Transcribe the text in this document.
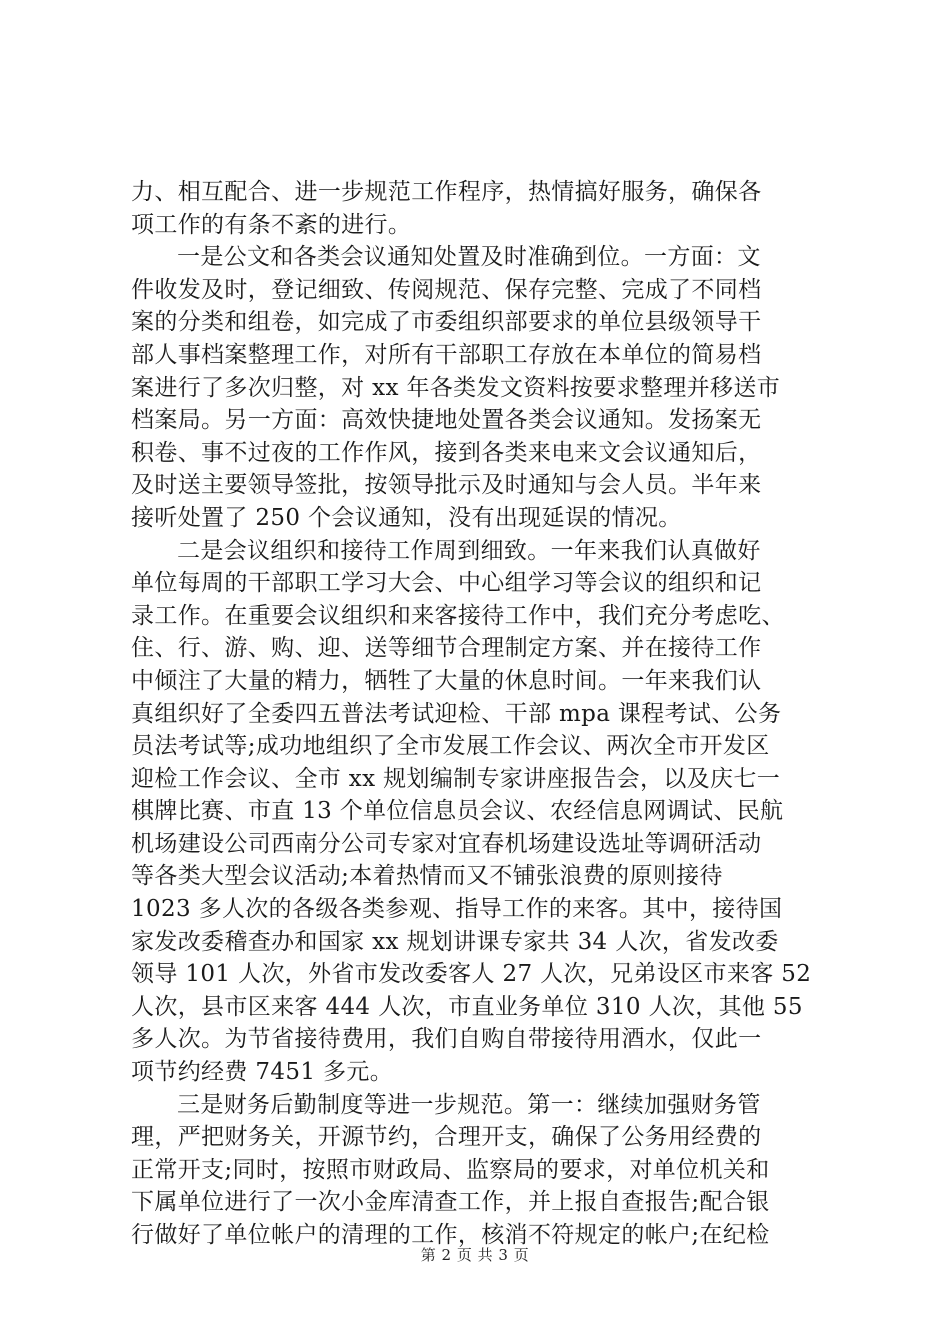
力、相互配合、进一步规范工作程序，热情搞好服务，确保各
项工作的有条不紊的进行。
一是公文和各类会议通知处置及时准确到位。一方面：文
件收发及时，登记细致、传阅规范、保存完整、完成了不同档
案的分类和组卷，如完成了市委组织部要求的单位县级领导干
部人事档案整理工作，对所有干部职工存放在本单位的简易档
案进行了多次归整，对 xx 年各类发文资料按要求整理并移送市
档案局。另一方面：高效快捷地处置各类会议通知。发扬案无
积卷、事不过夜的工作作风，接到各类来电来文会议通知后，
及时送主要领导签批，按领导批示及时通知与会人员。半年来
接听处置了 250 个会议通知，没有出现延误的情况。
二是会议组织和接待工作周到细致。一年来我们认真做好
单位每周的干部职工学习大会、中心组学习等会议的组织和记
录工作。在重要会议组织和来客接待工作中，我们充分考虑吃、
住、行、游、购、迎、送等细节合理制定方案、并在接待工作
中倾注了大量的精力，牺牲了大量的休息时间。一年来我们认
真组织好了全委四五普法考试迎检、干部 mpa 课程考试、公务
员法考试等;成功地组织了全市发展工作会议、两次全市开发区
迎检工作会议、全市 xx 规划编制专家讲座报告会，以及庆七一
棋牌比赛、市直 13 个单位信息员会议、农经信息网调试、民航
机场建设公司西南分公司专家对宜春机场建设选址等调研活动
等各类大型会议活动;本着热情而又不铺张浪费的原则接待
1023 多人次的各级各类参观、指导工作的来客。其中，接待国
家发改委稽查办和国家 xx 规划讲课专家共 34 人次，省发改委
领导 101 人次，外省市发改委客人 27 人次，兄弟设区市来客 52
人次，县市区来客 444 人次，市直业务单位 310 人次，其他 55
多人次。为节省接待费用，我们自购自带接待用酒水，仅此一
项节约经费 7451 多元。
三是财务后勤制度等进一步规范。第一：继续加强财务管
理，严把财务关，开源节约，合理开支，确保了公务用经费的
正常开支;同时，按照市财政局、监察局的要求，对单位机关和
下属单位进行了一次小金库清查工作，并上报自查报告;配合银
行做好了单位帐户的清理的工作，核消不符规定的帐户;在纪检
第 2 页 共 3 页
